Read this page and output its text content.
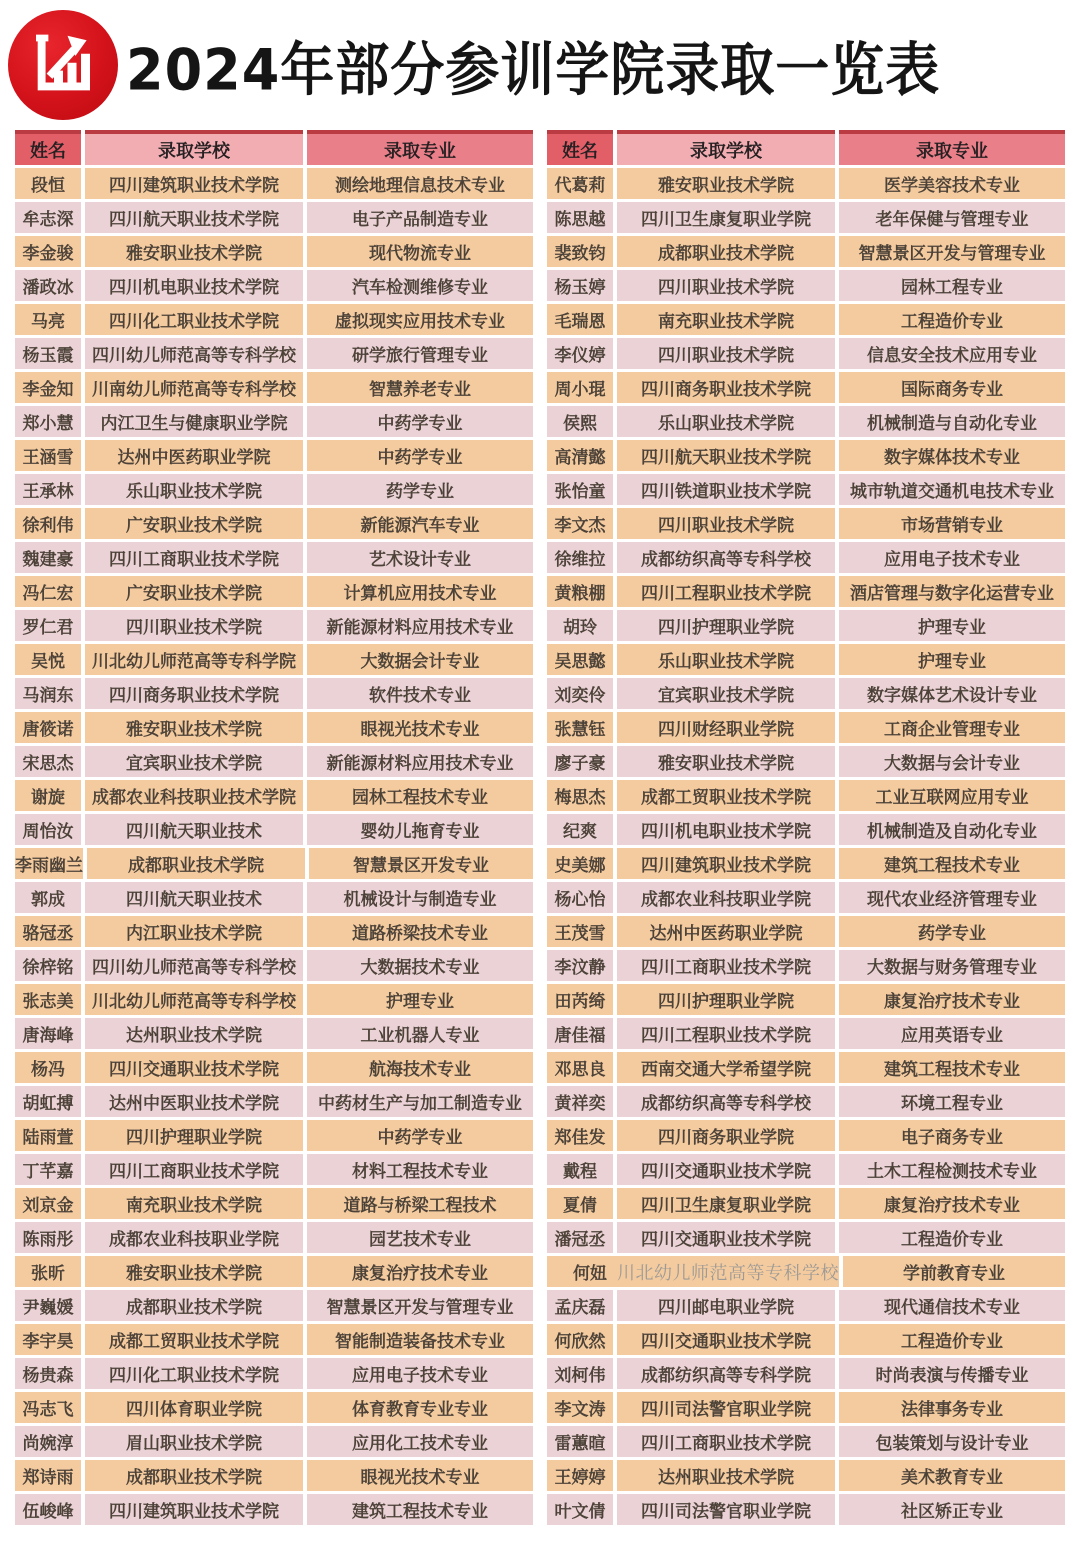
2024年部分参训学院录取一览表
姓名	录取学校	录取专业
段恒	四川建筑职业技术学院	测绘地理信息技术专业
牟志深	四川航天职业技术学院	电子产品制造专业
李金骏	雅安职业技术学院	现代物流专业
潘政冰	四川机电职业技术学院	汽车检测维修专业
马亮	四川化工职业技术学院	虚拟现实应用技术专业
杨玉霞	四川幼儿师范高等专科学校	研学旅行管理专业
李金知	川南幼儿师范高等专科学校	智慧养老专业
郑小慧	内江卫生与健康职业学院	中药学专业
王涵雪	达州中医药职业学院	中药学专业
王承林	乐山职业技术学院	药学专业
徐利伟	广安职业技术学院	新能源汽车专业
魏建豪	四川工商职业技术学院	艺术设计专业
冯仁宏	广安职业技术学院	计算机应用技术专业
罗仁君	四川职业技术学院	新能源材料应用技术专业
吴悦	川北幼儿师范高等专科学院	大数据会计专业
马润东	四川商务职业技术学院	软件技术专业
唐筱诺	雅安职业技术学院	眼视光技术专业
宋思杰	宜宾职业技术学院	新能源材料应用技术专业
谢旋	成都农业科技职业技术学院	园林工程技术专业
周怡汝	四川航天职业技术	婴幼儿拖育专业
李雨幽兰	成都职业技术学院	智慧景区开发专业
郭成	四川航天职业技术	机械设计与制造专业
骆冠丞	内江职业技术学院	道路桥梁技术专业
徐梓铭	四川幼儿师范高等专科学校	大数据技术专业
张志美	川北幼儿师范高等专科学校	护理专业
唐海峰	达州职业技术学院	工业机器人专业
杨冯	四川交通职业技术学院	航海技术专业
胡虹搏	达州中医职业技术学院	中药材生产与加工制造专业
陆雨萱	四川护理职业学院	中药学专业
丁芊嘉	四川工商职业技术学院	材料工程技术专业
刘京金	南充职业技术学院	道路与桥梁工程技术
陈雨彤	成都农业科技职业学院	园艺技术专业
张昕	雅安职业技术学院	康复治疗技术专业
尹巍媛	成都职业技术学院	智慧景区开发与管理专业
李宇昊	成都工贸职业技术学院	智能制造装备技术专业
杨贵森	四川化工职业技术学院	应用电子技术专业
冯志飞	四川体育职业学院	体育教育专业专业
尚婉淳	眉山职业技术学院	应用化工技术专业
郑诗雨	成都职业技术学院	眼视光技术专业
伍峻峰	四川建筑职业技术学院	建筑工程技术专业
姓名	录取学校	录取专业
代葛莉	雅安职业技术学院	医学美容技术专业
陈思越	四川卫生康复职业学院	老年保健与管理专业
裴致钧	成都职业技术学院	智慧景区开发与管理专业
杨玉婷	四川职业技术学院	园林工程专业
毛瑞恩	南充职业技术学院	工程造价专业
李仪婷	四川职业技术学院	信息安全技术应用专业
周小琨	四川商务职业技术学院	国际商务专业
侯熙	乐山职业技术学院	机械制造与自动化专业
高清懿	四川航天职业技术学院	数字媒体技术专业
张怡童	四川铁道职业技术学院	城市轨道交通机电技术专业
李文杰	四川职业技术学院	市场营销专业
徐维拉	成都纺织高等专科学校	应用电子技术专业
黄粮棚	四川工程职业技术学院	酒店管理与数字化运营专业
胡玲	四川护理职业学院	护理专业
吴思懿	乐山职业技术学院	护理专业
刘奕伶	宜宾职业技术学院	数字媒体艺术设计专业
张慧钰	四川财经职业学院	工商企业管理专业
廖子豪	雅安职业技术学院	大数据与会计专业
梅思杰	成都工贸职业技术学院	工业互联网应用专业
纪爽	四川机电职业技术学院	机械制造及自动化专业
史美娜	四川建筑职业技术学院	建筑工程技术专业
杨心怡	成都农业科技职业学院	现代农业经济管理专业
王茂雪	达州中医药职业学院	药学专业
李汶静	四川工商职业技术学院	大数据与财务管理专业
田芮绮	四川护理职业学院	康复治疗技术专业
唐佳福	四川工程职业技术学院	应用英语专业
邓思良	西南交通大学希望学院	建筑工程技术专业
黄祥奕	成都纺织高等专科学校	环境工程专业
郑佳发	四川商务职业学院	电子商务专业
戴程	四川交通职业技术学院	土木工程检测技术专业
夏倩	四川卫生康复职业学院	康复治疗技术专业
潘冠丞	四川交通职业技术学院	工程造价专业
何妞 川北幼儿师范高等专科学校	学前教育专业
孟庆磊	四川邮电职业学院	现代通信技术专业
何欣然	四川交通职业技术学院	工程造价专业
刘柯伟	成都纺织高等专科学院	时尚表演与传播专业
李文涛	四川司法警官职业学院	法律事务专业
雷蕙暄	四川工商职业技术学院	包装策划与设计专业
王婷婷	达州职业技术学院	美术教育专业
叶文倩	四川司法警官职业学院	社区矫正专业
